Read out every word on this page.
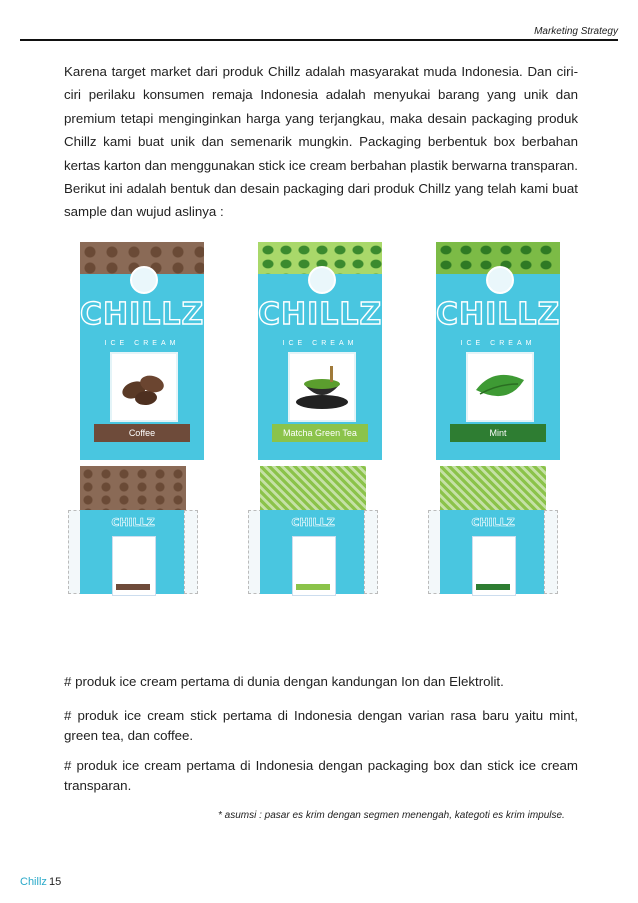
Marketing Strategy

Karena target market dari produk Chillz adalah masyarakat muda Indonesia. Dan ciri-ciri perilaku konsumen remaja Indonesia adalah menyukai barang yang unik dan premium tetapi menginginkan harga yang terjangkau, maka desain packaging produk Chillz kami buat unik dan semenarik mungkin. Packaging berbentuk box berbahan kertas karton dan menggunakan stick ice cream berbahan plastik berwarna transparan. Berikut ini adalah bentuk dan desain packaging dari produk Chillz yang telah kami buat sample dan wujud aslinya :

CHILLZ
ICE CREAM
Coffee
CHILLZ
ICE CREAM
Matcha Green Tea
CHILLZ
ICE CREAM
Mint
CHILLZ	CHILLZ	CHILLZ

# produk ice cream pertama di dunia dengan kandungan Ion dan Elektrolit.

# produk ice cream stick pertama di Indonesia dengan varian rasa baru yaitu mint, green tea, dan coffee.

# produk ice cream pertama di Indonesia dengan packaging box dan stick ice cream transparan.

* asumsi : pasar es krim dengan segmen menengah, kategoti es krim impulse.
Chillz 15
